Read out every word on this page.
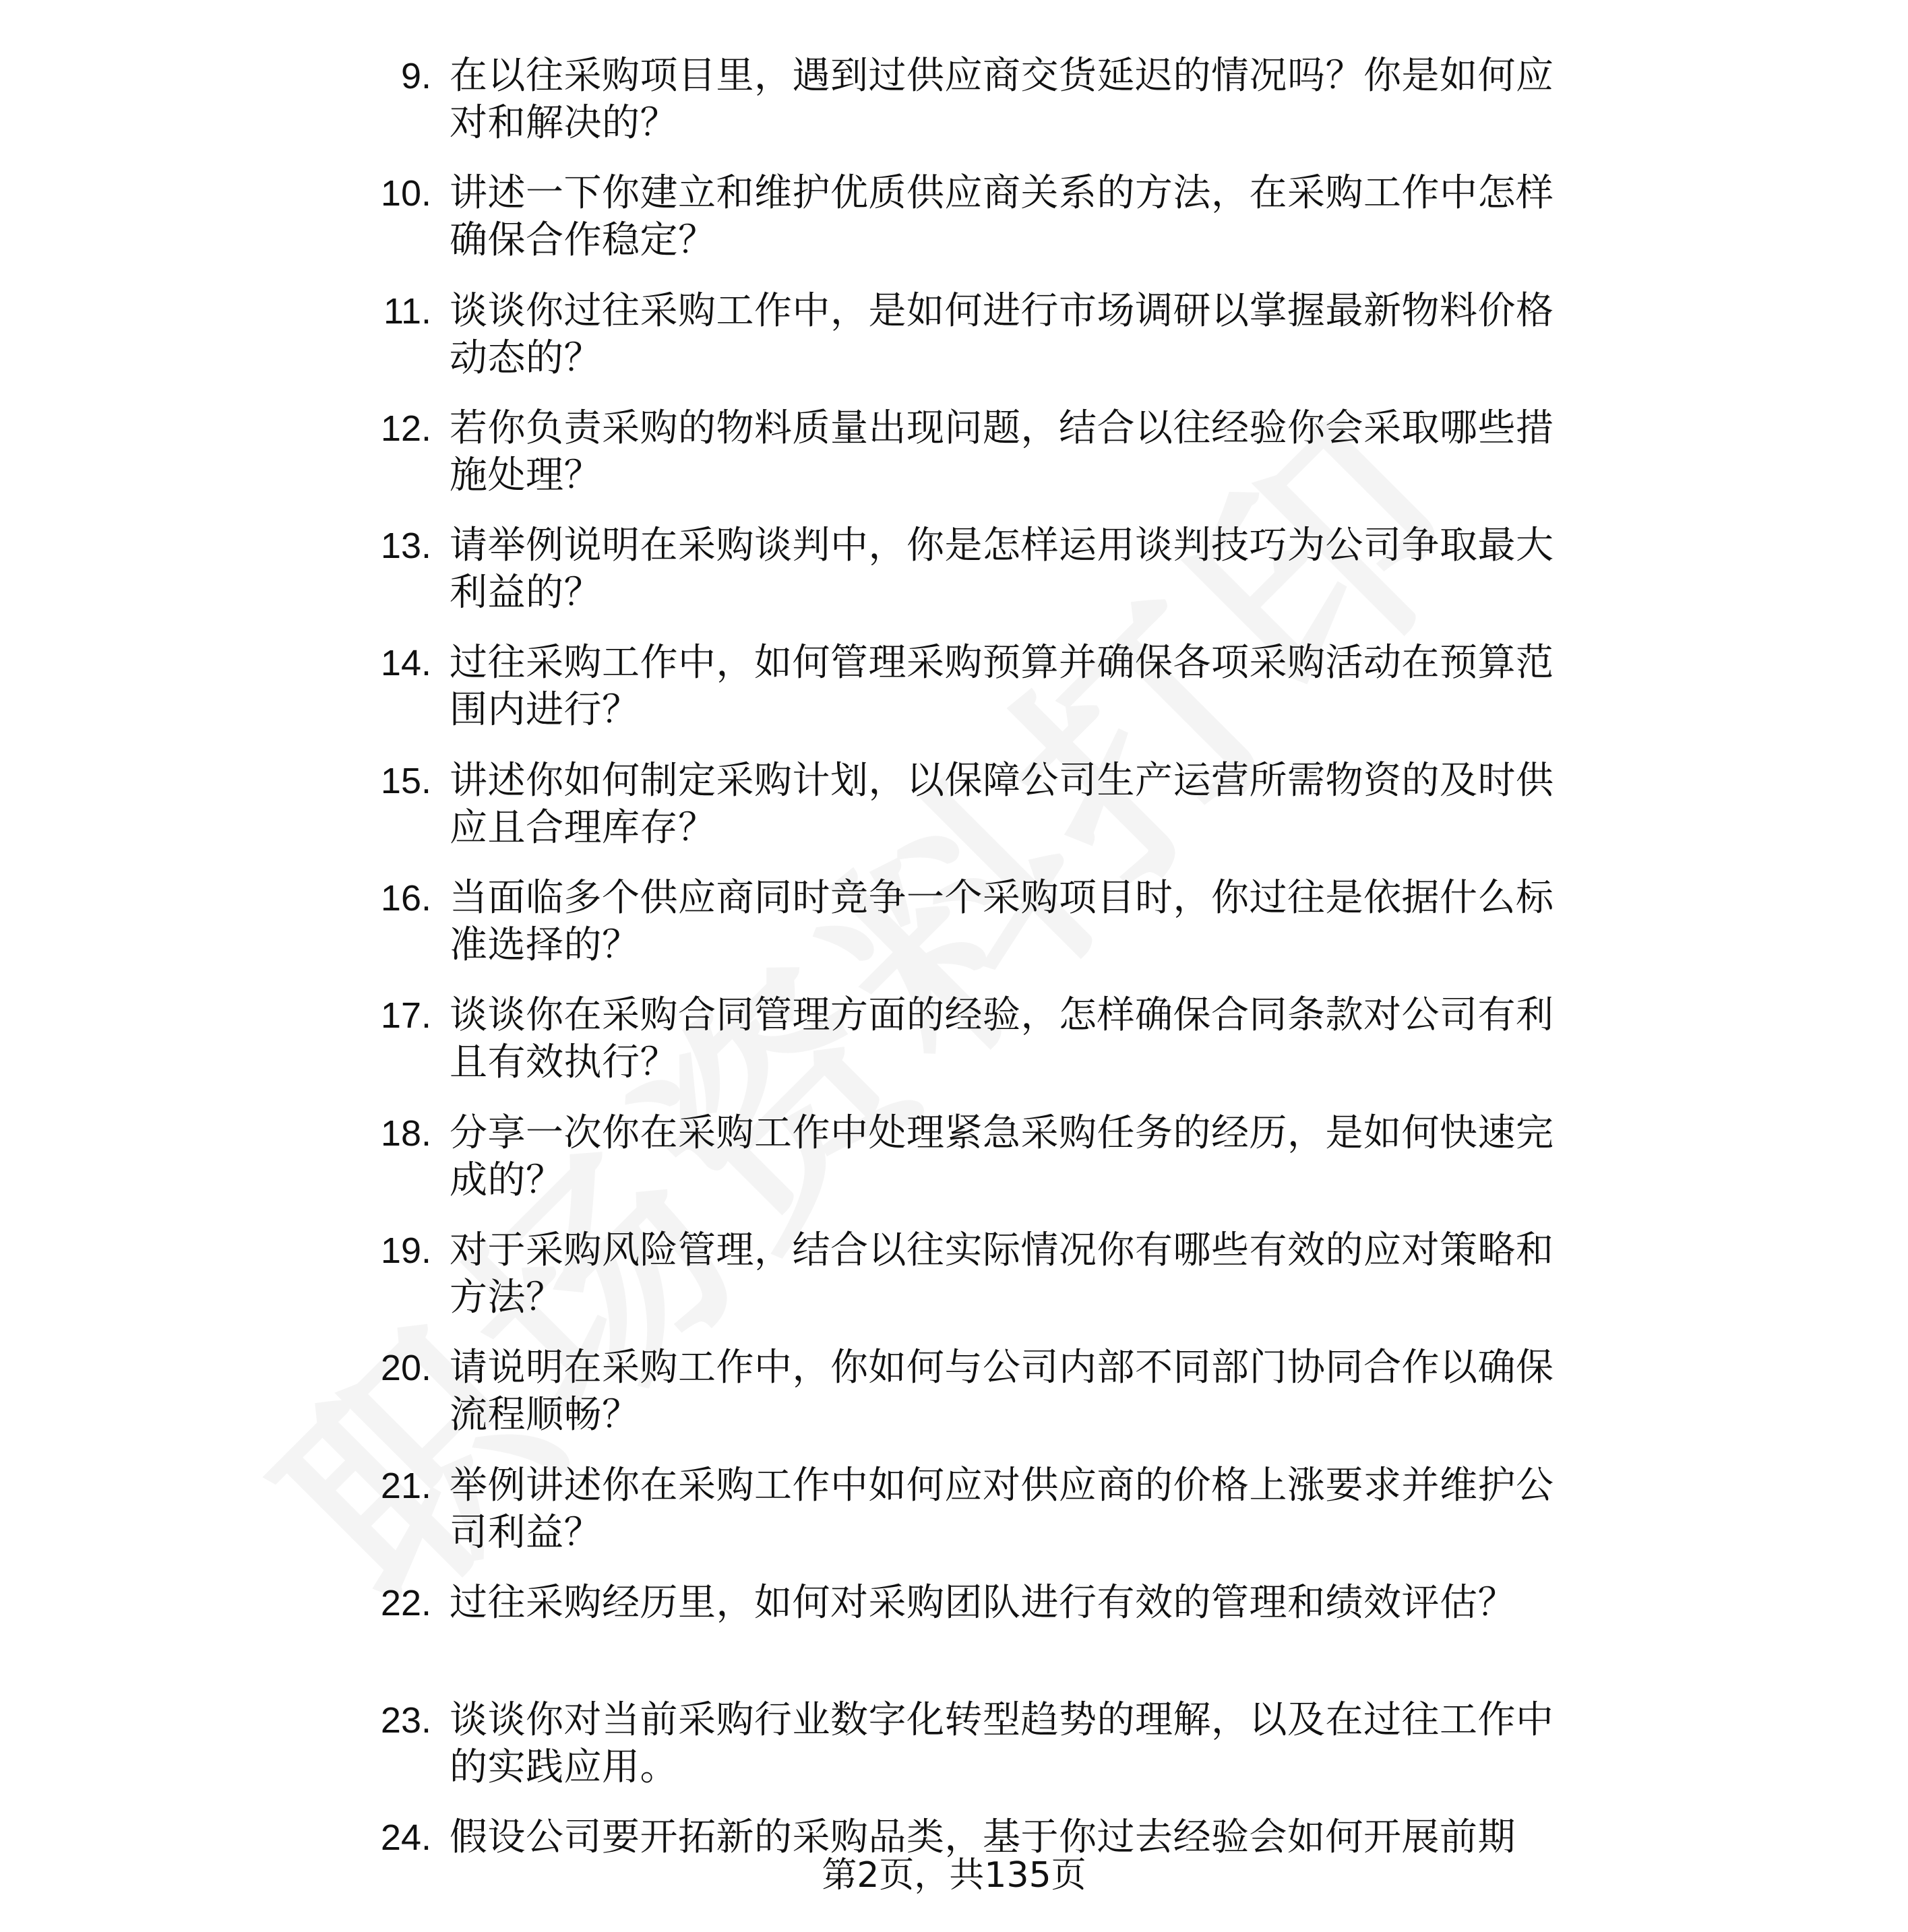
9. 在以往采购项目里，遇到过供应商交货延迟的情况吗？你是如何应对和解决的？
10. 讲述一下你建立和维护优质供应商关系的方法，在采购工作中怎样确保合作稳定？
11. 谈谈你过往采购工作中，是如何进行市场调研以掌握最新物料价格动态的？
12. 若你负责采购的物料质量出现问题，结合以往经验你会采取哪些措施处理？
13. 请举例说明在采购谈判中，你是怎样运用谈判技巧为公司争取最大利益的？
14. 过往采购工作中，如何管理采购预算并确保各项采购活动在预算范围内进行？
15. 讲述你如何制定采购计划，以保障公司生产运营所需物资的及时供应且合理库存？
16. 当面临多个供应商同时竞争一个采购项目时，你过往是依据什么标准选择的？
17. 谈谈你在采购合同管理方面的经验，怎样确保合同条款对公司有利且有效执行？
18. 分享一次你在采购工作中处理紧急采购任务的经历，是如何快速完成的？
19. 对于采购风险管理，结合以往实际情况你有哪些有效的应对策略和方法？
20. 请说明在采购工作中，你如何与公司内部不同部门协同合作以确保流程顺畅？
21. 举例讲述你在采购工作中如何应对供应商的价格上涨要求并维护公司利益？
22. 过往采购经历里，如何对采购团队进行有效的管理和绩效评估？
23. 谈谈你对当前采购行业数字化转型趋势的理解，以及在过往工作中的实践应用。
24. 假设公司要开拓新的采购品类，基于你过去经验会如何开展前期
第2页，共135页
